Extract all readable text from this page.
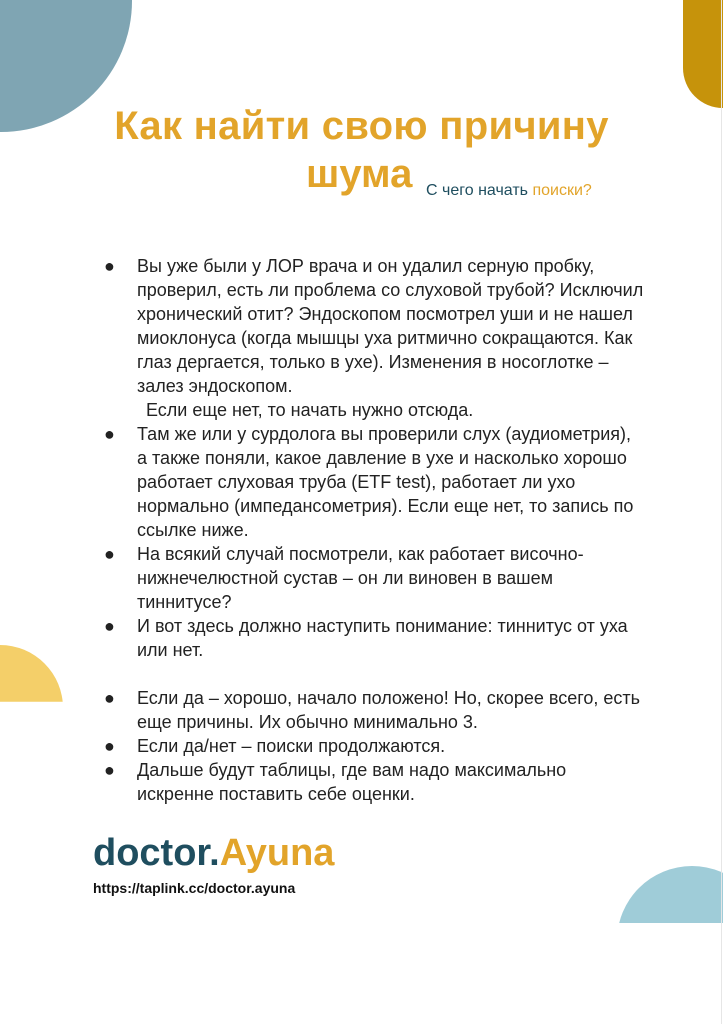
Как найти свою причину
шума С чего начать поиски?
● Вы уже были у ЛОР врача и он удалил серную пробку, проверил, есть ли проблема со слуховой трубой? Исключил хронический отит? Эндоскопом посмотрел уши и не нашел миоклонуса (когда мышцы уха ритмично сокращаются. Как глаз дергается, только в ухе). Изменения в носоглотке – залез эндоскопом.
Если еще нет, то начать нужно отсюда.
● Там же или у сурдолога вы проверили слух (аудиометрия), а также поняли, какое давление в ухе и насколько хорошо работает слуховая труба (ETF test), работает ли ухо нормально (импедансометрия). Если еще нет, то запись по ссылке ниже.
● На всякий случай посмотрели, как работает височно-нижнечелюстной сустав – он ли виновен в вашем тиннитусе?
● И вот здесь должно наступить понимание: тиннитус от уха или нет.
● Если да – хорошо, начало положено! Но, скорее всего, есть еще причины. Их обычно минимально 3.
● Если да/нет – поиски продолжаются.
● Дальше будут таблицы, где вам надо максимально искренне поставить себе оценки.
doctor.Ayuna
https://taplink.cc/doctor.ayuna
